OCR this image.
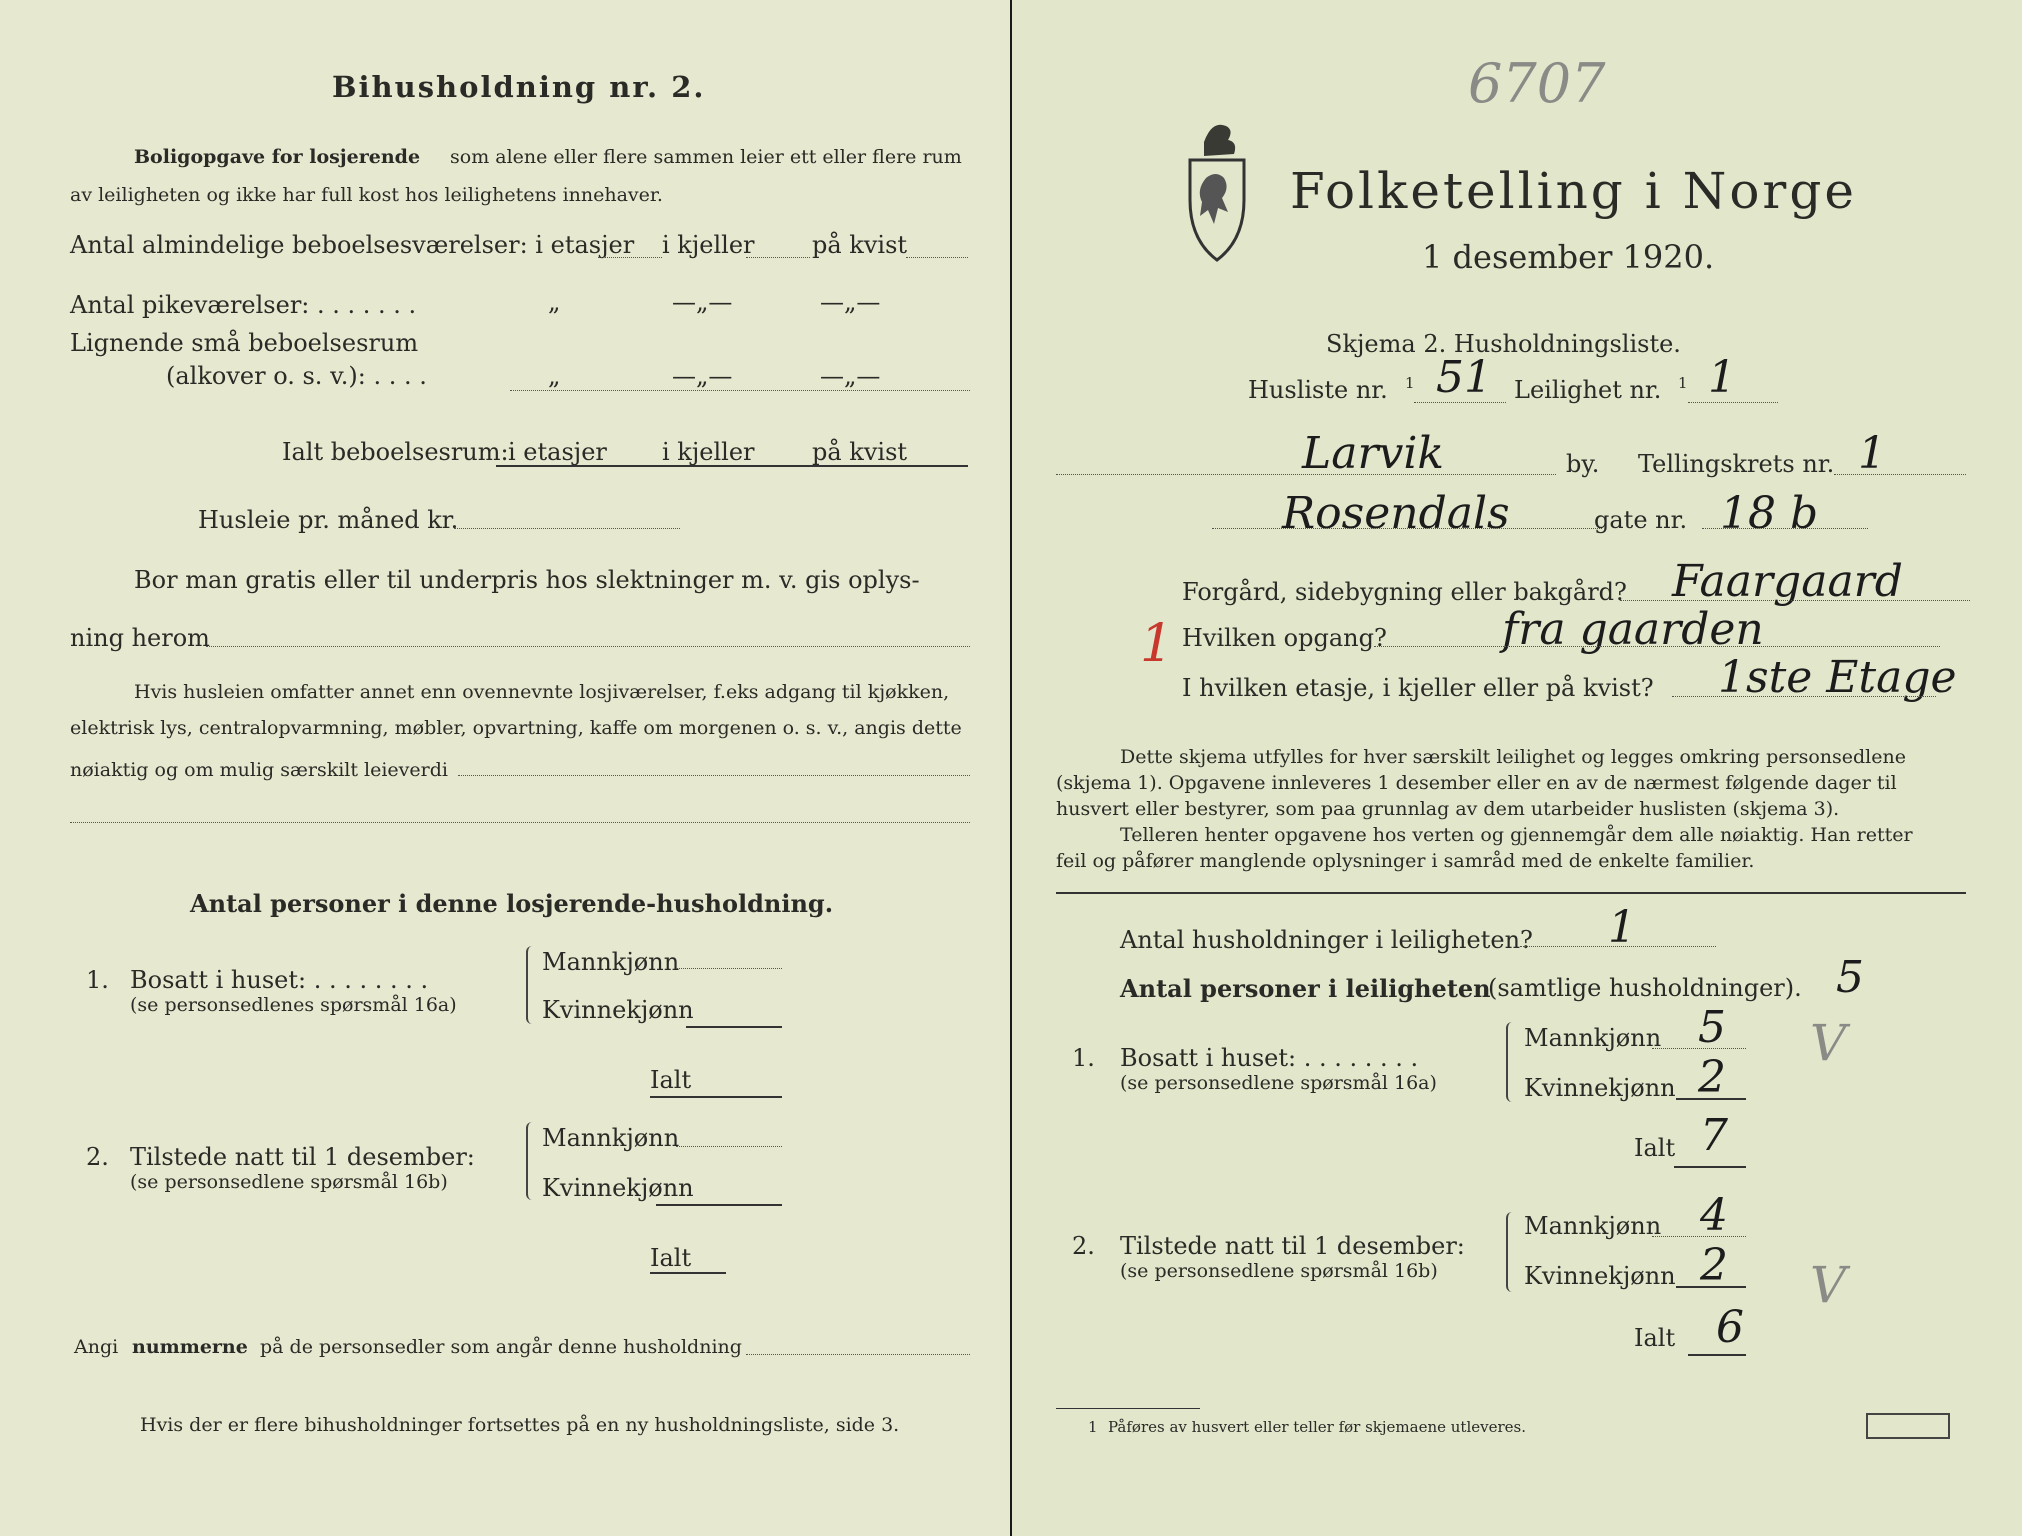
Bihusholdning nr. 2.
Boligopgave for losjerende som alene eller flere sammen leier ett eller flere rum
av leiligheten og ikke har full kost hos leilighetens innehaver.
Antal almindelige beboelsesværelser: i etasjer i kjeller på kvist
Antal pikeværelser: . . . . . . .	„	—„—	—„—
Lignende små beboelsesrum
(alkover o. s. v.): . . . .	„	—„—	—„—
Ialt beboelsesrum: i etasjer i kjeller på kvist
Husleie pr. måned kr.
Bor man gratis eller til underpris hos slektninger m. v. gis oplys-
ning herom
Hvis husleien omfatter annet enn ovennevnte losjiværelser, f.eks adgang til kjøkken,
elektrisk lys, centralopvarmning, møbler, opvartning, kaffe om morgenen o. s. v., angis dette
nøiaktig og om mulig særskilt leieverdi
Antal personer i denne losjerende-husholdning.
1. Bosatt i huset: . . . . . . . .
(se personsedlenes spørsmål 16a)
Mannkjønn
Kvinnekjønn
Ialt
2. Tilstede natt til 1 desember:
(se personsedlene spørsmål 16b)
Mannkjønn
Kvinnekjønn
Ialt
Angi nummerne på de personsedler som angår denne husholdning
Hvis der er flere bihusholdninger fortsettes på en ny husholdningsliste, side 3.
6707
Folketelling i Norge
1 desember 1920.
Skjema 2. Husholdningsliste.
Husliste nr. 1 51 Leilighet nr. 1 1
Larvik	by. Tellingskrets nr. 1
Rosendals	gate nr. 18 b
Forgård, sidebygning eller bakgård? Faargaard
1 Hvilken opgang?	fra gaarden
I hvilken etasje, i kjeller eller på kvist? 1ste Etage
Dette skjema utfylles for hver særskilt leilighet og legges omkring personsedlene
(skjema 1). Opgavene innleveres 1 desember eller en av de nærmest følgende dager til
husvert eller bestyrer, som paa grunnlag av dem utarbeider huslisten (skjema 3).
Telleren henter opgavene hos verten og gjennemgår dem alle nøiaktig. Han retter
feil og påfører manglende oplysninger i samråd med de enkelte familier.
Antal husholdninger i leiligheten? 1
Antal personer i leiligheten
(samtlige husholdninger). 5
1. Bosatt i huset: . . . . . . . .
(se personsedlene spørsmål 16a)
Mannkjønn 5
Kvinnekjønn 2
V
Ialt 7
2. Tilstede natt til 1 desember:
(se personsedlene spørsmål 16b)
Mannkjønn 4
Kvinnekjønn 2 V
Ialt 6
1 Påføres av husvert eller teller før skjemaene utleveres.
